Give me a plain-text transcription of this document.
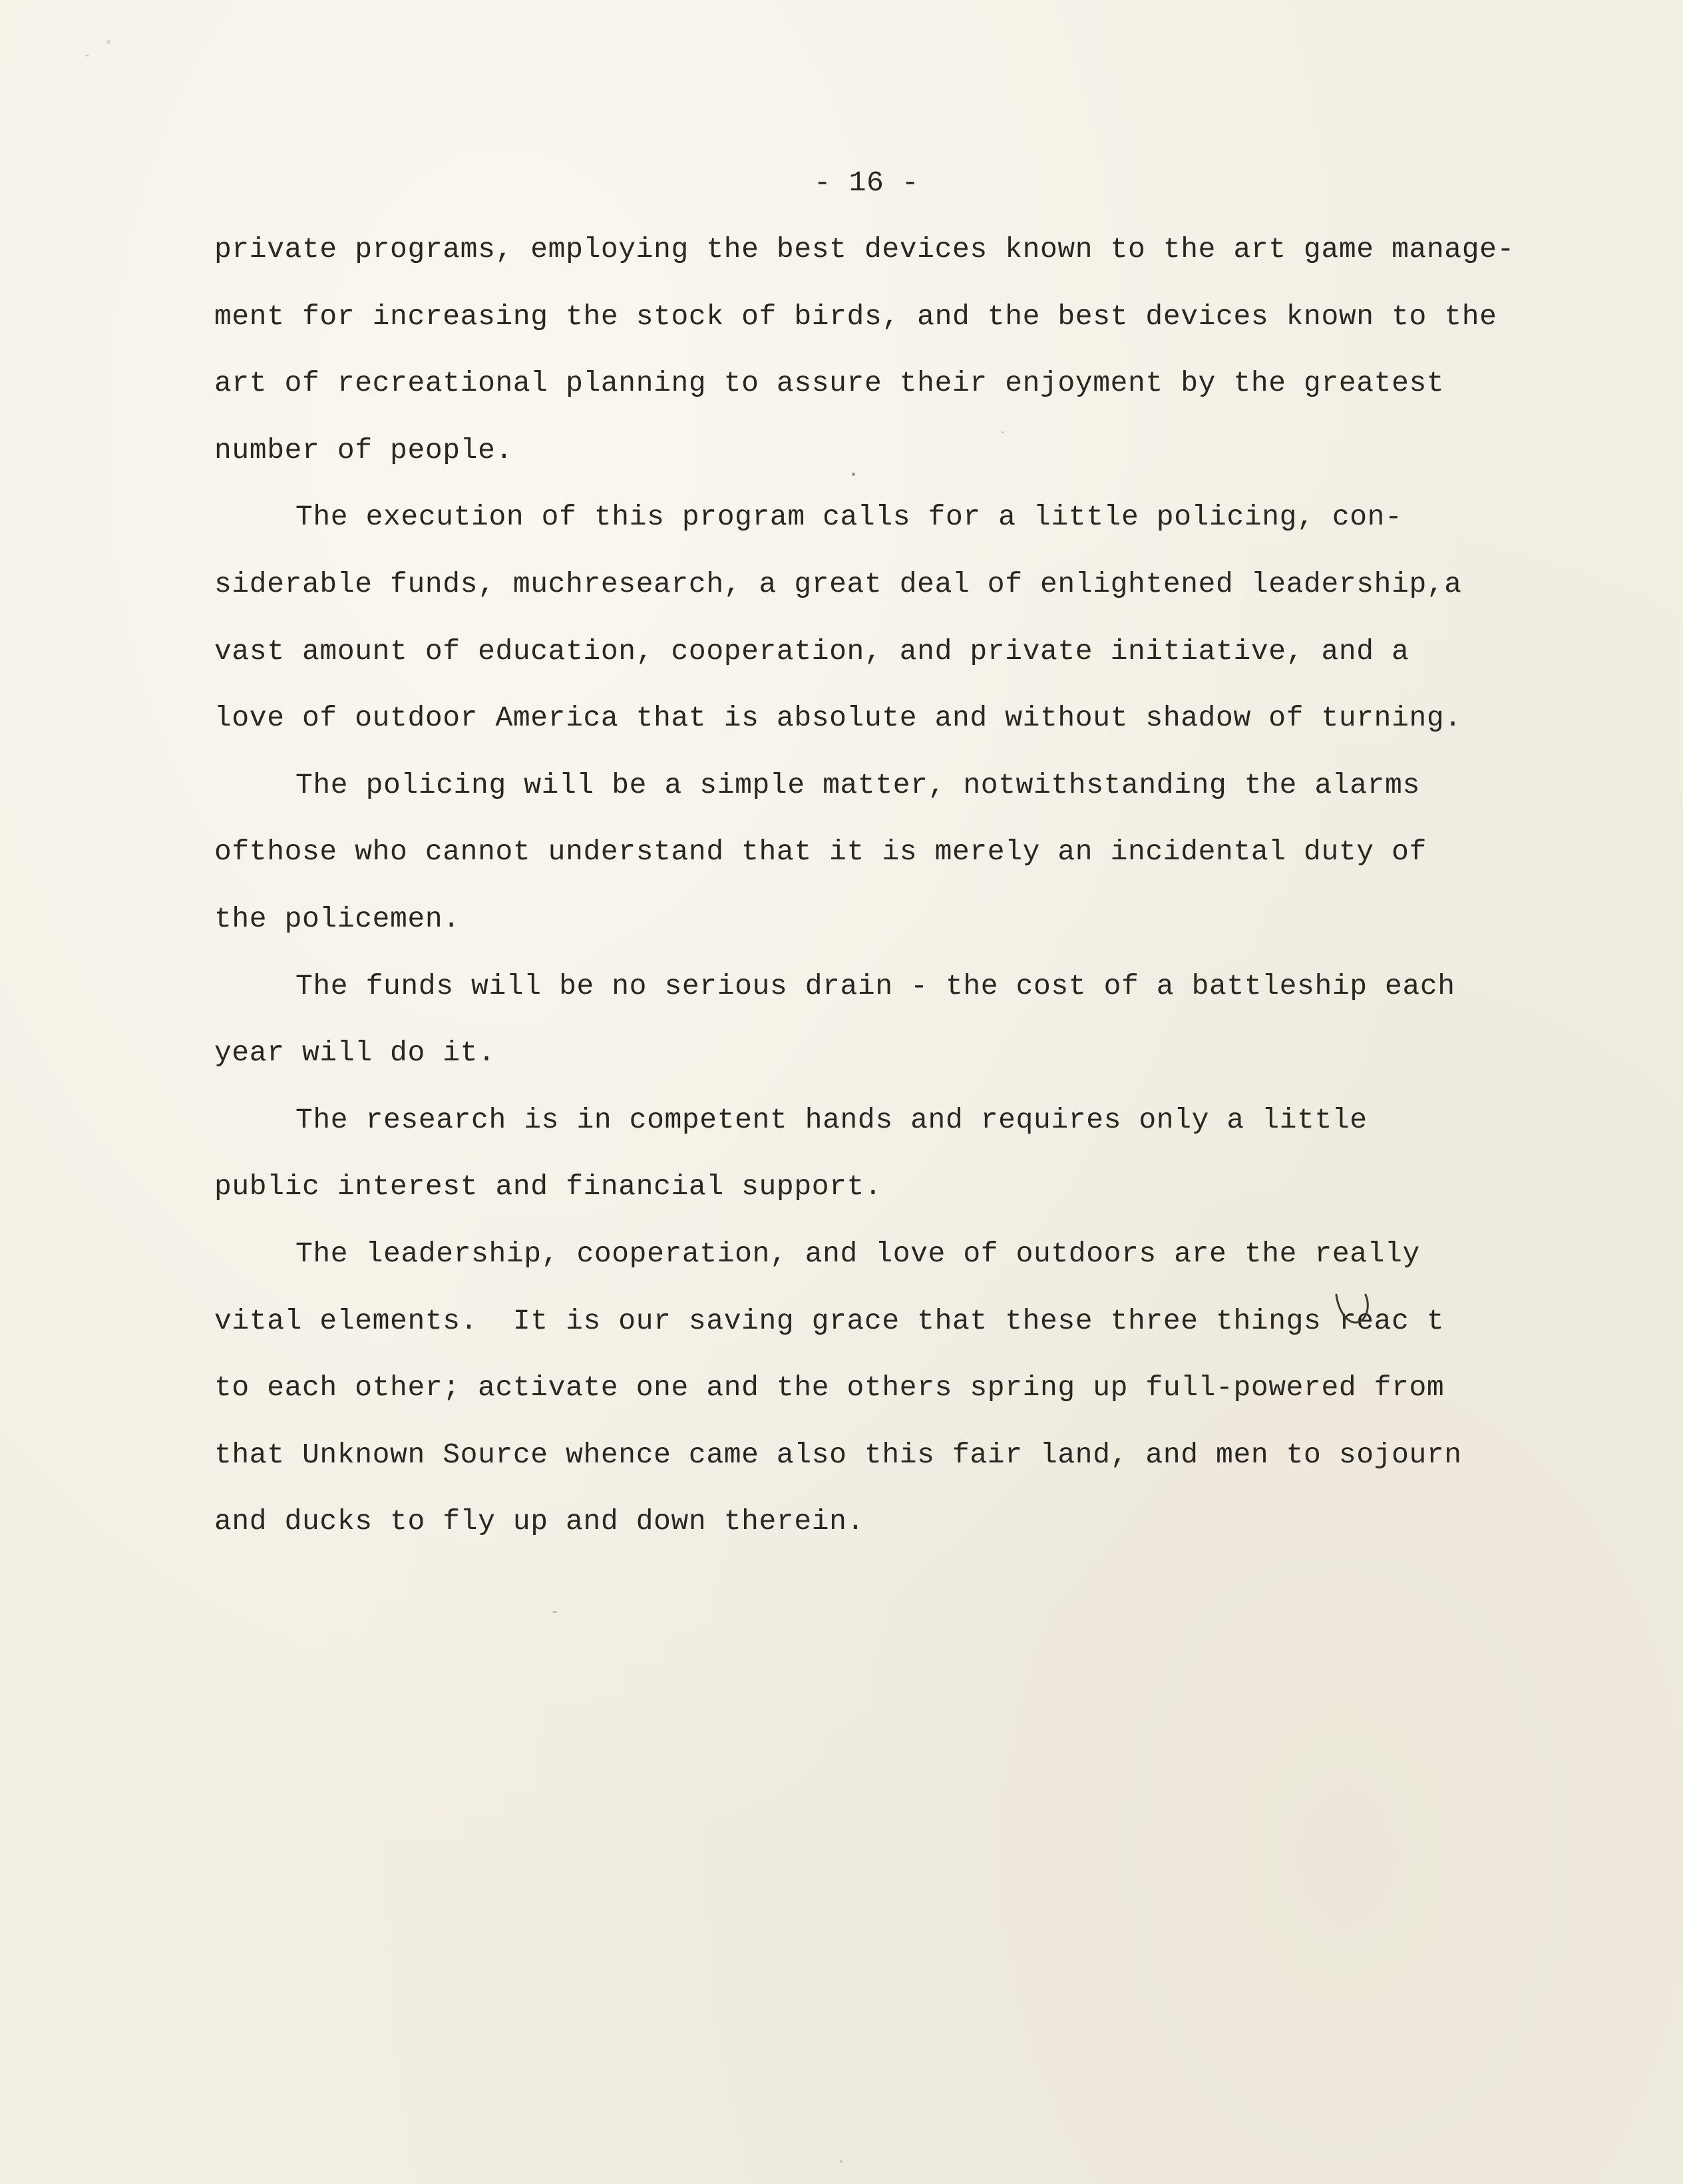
- 16 -
private programs, employing the best devices known to the art game manage-
ment for increasing the stock of birds, and the best devices known to the
art of recreational planning to assure their enjoyment by the greatest
number of people.
The execution of this program calls for a little policing, con-
siderable funds, muchresearch, a great deal of enlightened leadership,a
vast amount of education, cooperation, and private initiative, and a
love of outdoor America that is absolute and without shadow of turning.
The policing will be a simple matter, notwithstanding the alarms
ofthose who cannot understand that it is merely an incidental duty of
the policemen.
The funds will be no serious drain - the cost of a battleship each
year will do it.
The research is in competent hands and requires only a little
public interest and financial support.
The leadership, cooperation, and love of outdoors are the really
vital elements.  It is our saving grace that these three things reac t
to each other; activate one and the others spring up full-powered from
that Unknown Source whence came also this fair land, and men to sojourn
and ducks to fly up and down therein.
